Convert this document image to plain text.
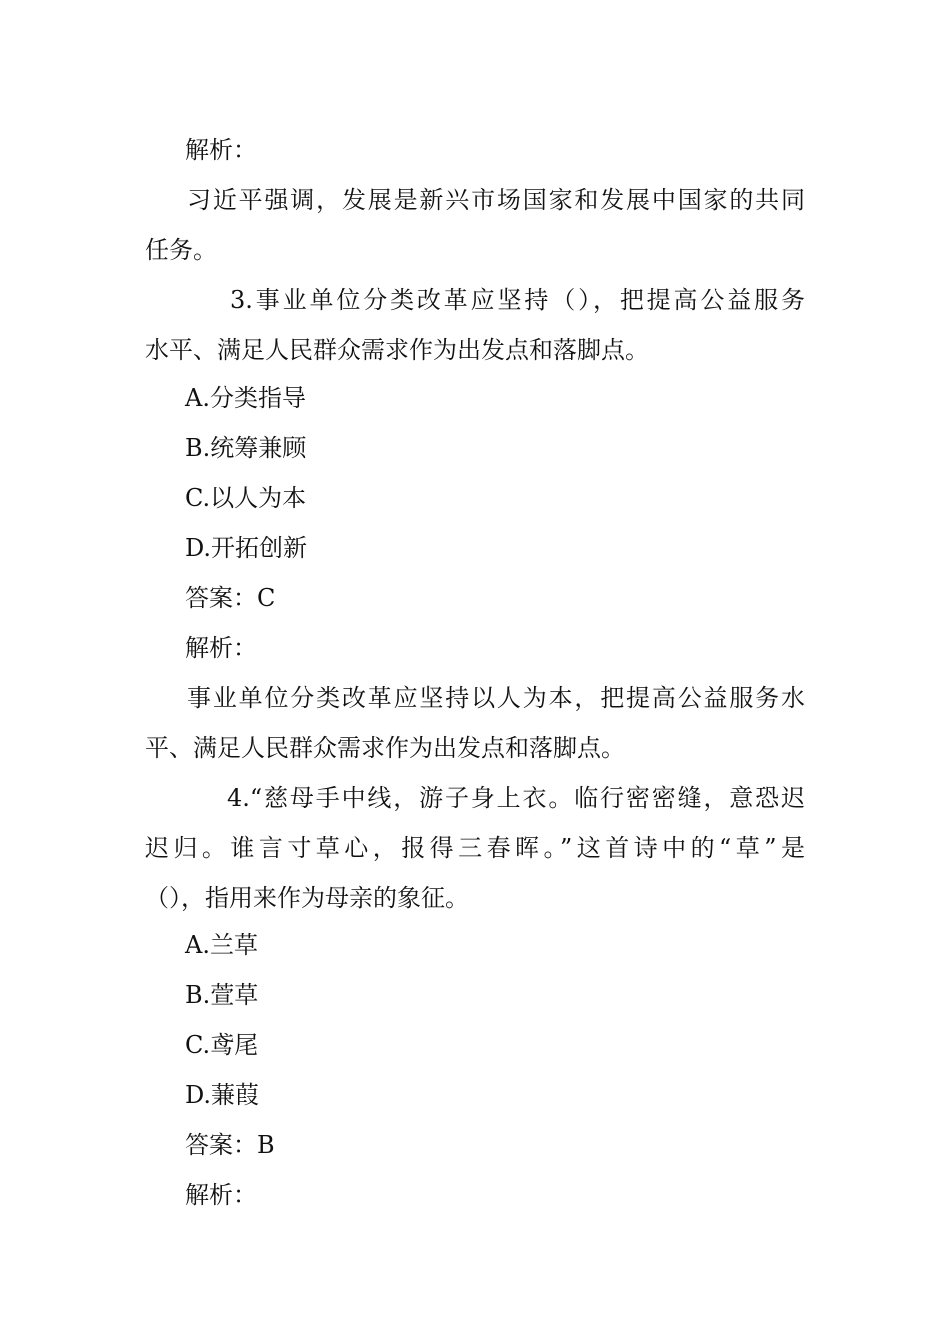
解析：
习近平强调，发展是新兴市场国家和发展中国家的共同
任务。
3.事业单位分类改革应坚持（），把提高公益服务
水平、满足人民群众需求作为出发点和落脚点。
A.分类指导
B.统筹兼顾
C.以人为本
D.开拓创新
答案：C
解析：
事业单位分类改革应坚持以人为本，把提高公益服务水
平、满足人民群众需求作为出发点和落脚点。
4.“慈母手中线，游子身上衣。临行密密缝，意恐迟
迟归。谁言寸草心，报得三春晖。”这首诗中的“草”是
（），指用来作为母亲的象征。
A.兰草
B.萱草
C.鸢尾
D.蒹葭
答案：B
解析：
